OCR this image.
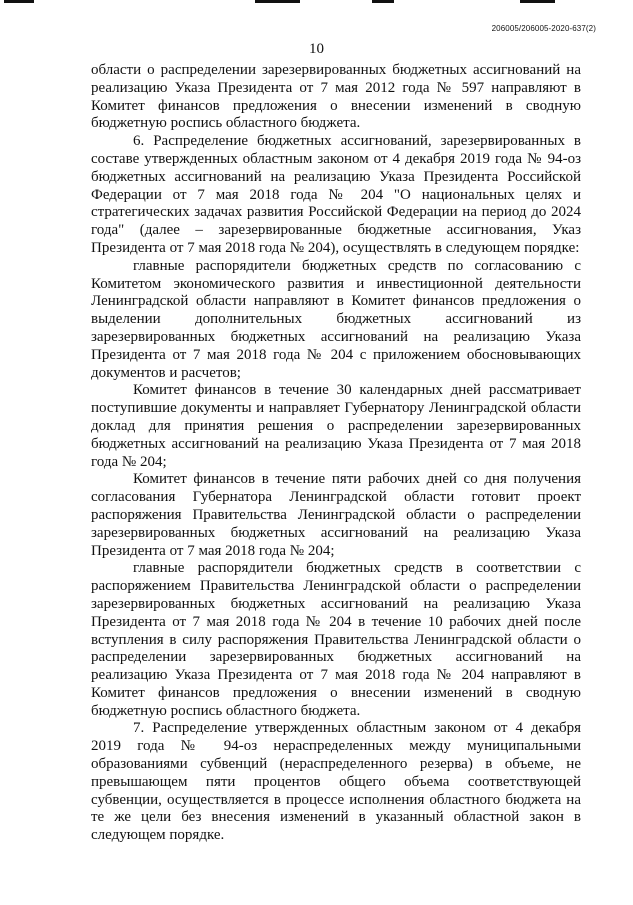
206005/206005-2020-637(2)
10

области о распределении зарезервированных бюджетных ассигнований на реализацию Указа Президента от 7 мая 2012 года № 597 направляют в Комитет финансов предложения о внесении изменений в сводную бюджетную роспись областного бюджета.

6. Распределение бюджетных ассигнований, зарезервированных в составе утвержденных областным законом от 4 декабря 2019 года № 94-оз бюджетных ассигнований на реализацию Указа Президента Российской Федерации от 7 мая 2018 года № 204 "О национальных целях и стратегических задачах развития Российской Федерации на период до 2024 года" (далее – зарезервированные бюджетные ассигнования, Указ Президента от 7 мая 2018 года № 204), осуществлять в следующем порядке:

главные распорядители бюджетных средств по согласованию с Комитетом экономического развития и инвестиционной деятельности Ленинградской области направляют в Комитет финансов предложения о выделении дополнительных бюджетных ассигнований из зарезервированных бюджетных ассигнований на реализацию Указа Президента от 7 мая 2018 года № 204 с приложением обосновывающих документов и расчетов;

Комитет финансов в течение 30 календарных дней рассматривает поступившие документы и направляет Губернатору Ленинградской области доклад для принятия решения о распределении зарезервированных бюджетных ассигнований на реализацию Указа Президента от 7 мая 2018 года № 204;

Комитет финансов в течение пяти рабочих дней со дня получения согласования Губернатора Ленинградской области готовит проект распоряжения Правительства Ленинградской области о распределении зарезервированных бюджетных ассигнований на реализацию Указа Президента от 7 мая 2018 года № 204;

главные распорядители бюджетных средств в соответствии с распоряжением Правительства Ленинградской области о распределении зарезервированных бюджетных ассигнований на реализацию Указа Президента от 7 мая 2018 года № 204 в течение 10 рабочих дней после вступления в силу распоряжения Правительства Ленинградской области о распределении зарезервированных бюджетных ассигнований на реализацию Указа Президента от 7 мая 2018 года № 204 направляют в Комитет финансов предложения о внесении изменений в сводную бюджетную роспись областного бюджета.

7. Распределение утвержденных областным законом от 4 декабря 2019 года № 94-оз нераспределенных между муниципальными образованиями субвенций (нераспределенного резерва) в объеме, не превышающем пяти процентов общего объема соответствующей субвенции, осуществляется в процессе исполнения областного бюджета на те же цели без внесения изменений в указанный областной закон в следующем порядке.
